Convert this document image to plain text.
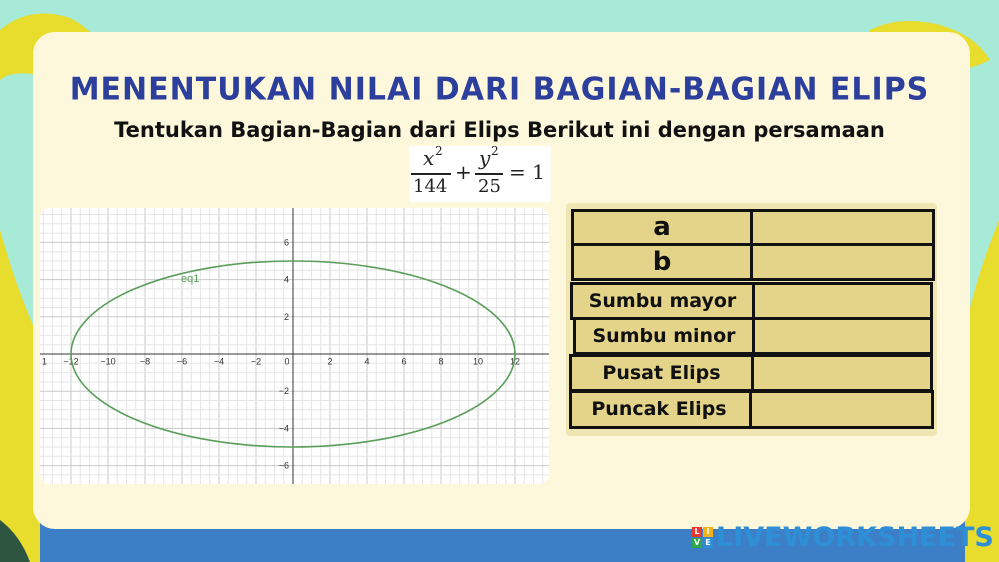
MENENTUKAN NILAI DARI BAGIAN-BAGIAN ELIPS
Tentukan Bagian-Bagian dari Elips Berikut ini dengan persamaan
x 2
144
+
y 2
25
= 1
−12 −10	−8	−6	−4	−2	0	2	4	6	8	10	12
1
6
4
2
−2
−4
−6
eq1
a
b
Sumbu mayor
Sumbu minor
Pusat Elips
Puncak Elips
L I
V E LIVEWORKSHEETS
